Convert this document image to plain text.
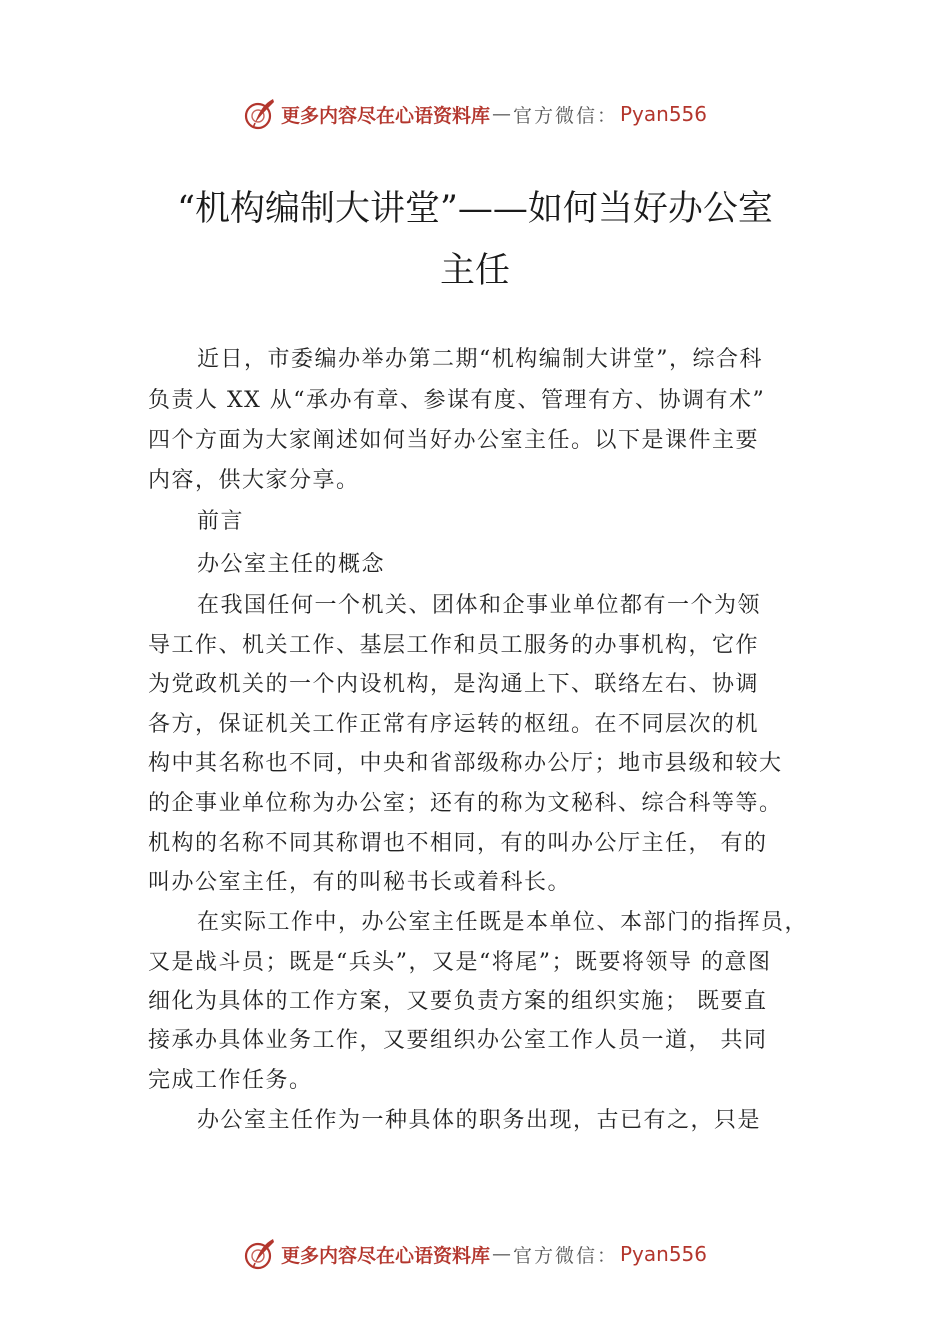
更多内容尽在心语资料库 — 官方微信： Pyan556
“机构编制大讲堂”——如何当好办公室
主任
近日，市委编办举办第二期“机构编制大讲堂”，综合科
负责人 XX 从“承办有章、参谋有度、管理有方、协调有术”
四个方面为大家阐述如何当好办公室主任。以下是课件主要
内容，供大家分享。
前言
办公室主任的概念
在我国任何一个机关、团体和企事业单位都有一个为领
导工作、机关工作、基层工作和员工服务的办事机构，它作
为党政机关的一个内设机构，是沟通上下、联络左右、协调
各方，保证机关工作正常有序运转的枢纽。在不同层次的机
构中其名称也不同，中央和省部级称办公厅；地市县级和较大
的企事业单位称为办公室；还有的称为文秘科、综合科等等。
机构的名称不同其称谓也不相同，有的叫办公厅主任， 有的
叫办公室主任，有的叫秘书长或着科长。
在实际工作中，办公室主任既是本单位、本部门的指挥员，
又是战斗员；既是“兵头”，又是“将尾”；既要将领导 的意图
细化为具体的工作方案，又要负责方案的组织实施； 既要直
接承办具体业务工作，又要组织办公室工作人员一道， 共同
完成工作任务。
办公室主任作为一种具体的职务出现，古已有之，只是
更多内容尽在心语资料库 — 官方微信： Pyan556
